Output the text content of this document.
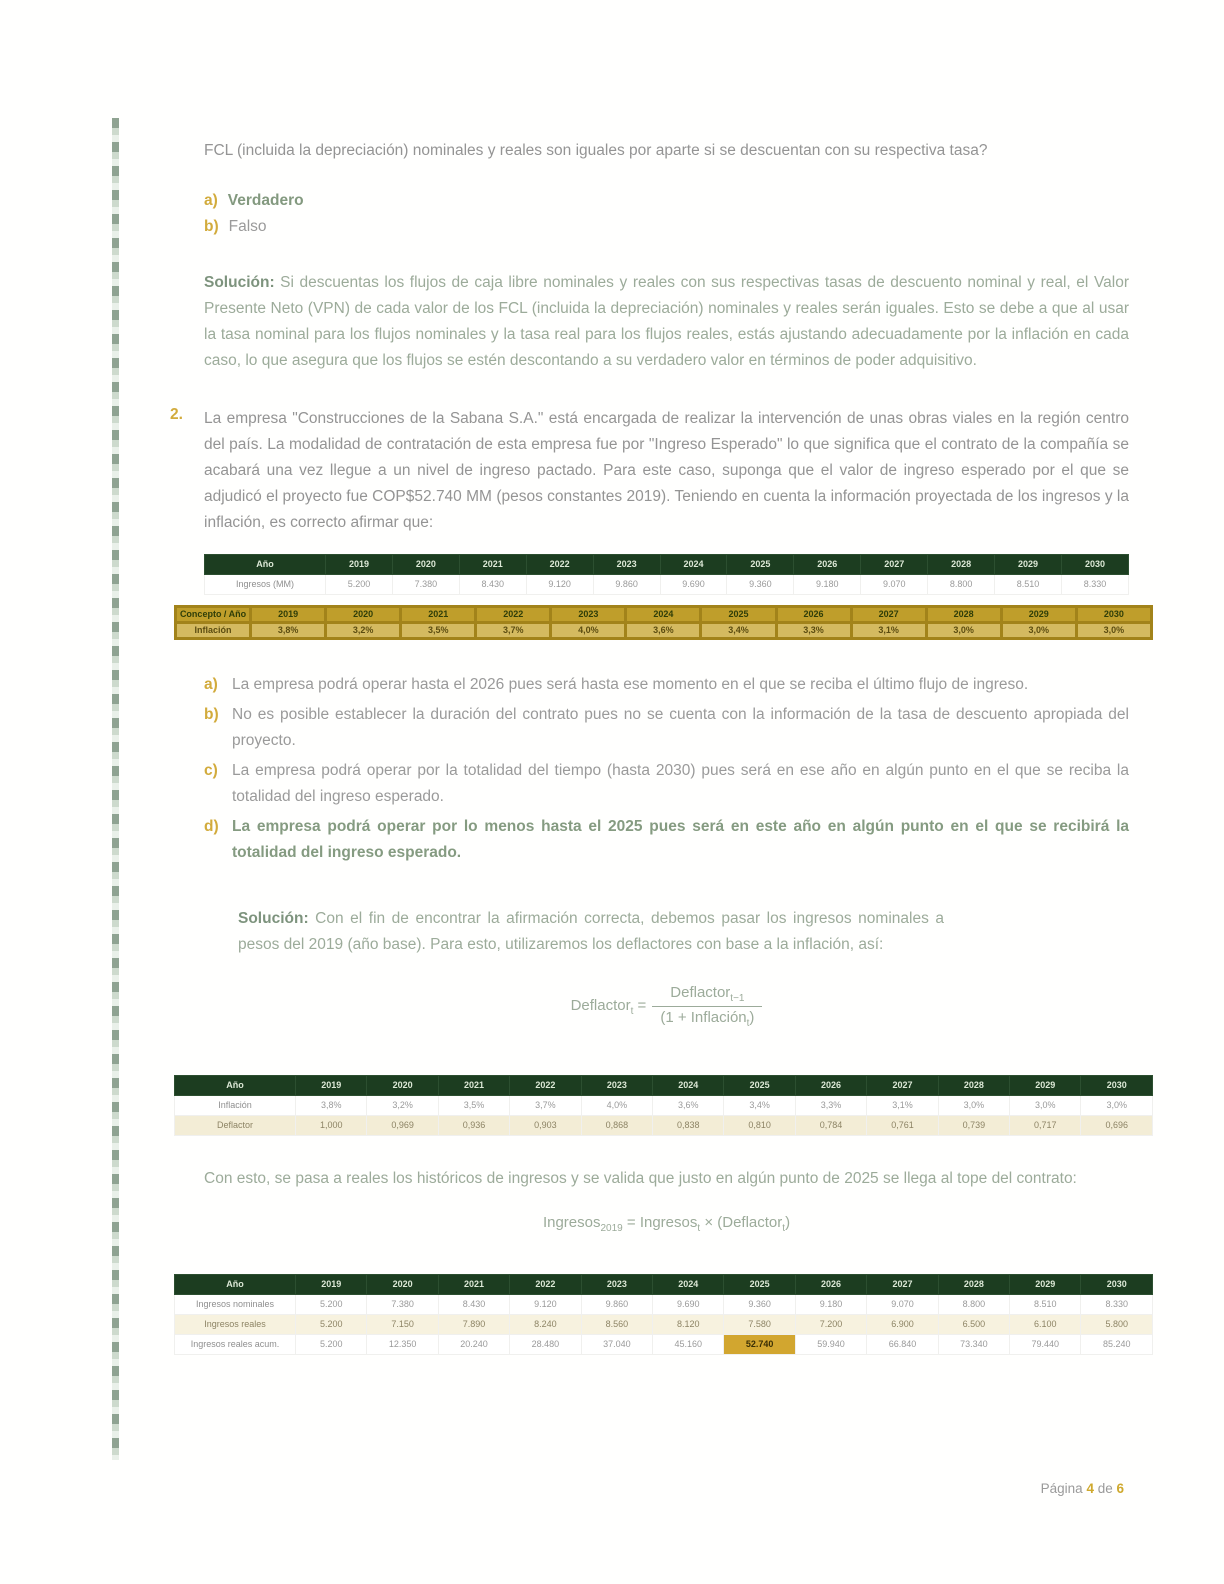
FCL (incluida la depreciación) nominales y reales son iguales por aparte si se descuentan con su respectiva tasa?

a) Verdadero
b) Falso

Solución: Si descuentas los flujos de caja libre nominales y reales con sus respectivas tasas de descuento nominal y real, el Valor Presente Neto (VPN) de cada valor de los FCL (incluida la depreciación) nominales y reales serán iguales. Esto se debe a que al usar la tasa nominal para los flujos nominales y la tasa real para los flujos reales, estás ajustando adecuadamente por la inflación en cada caso, lo que asegura que los flujos se estén descontando a su verdadero valor en términos de poder adquisitivo.

2. La empresa "Construcciones de la Sabana S.A." está encargada de realizar la intervención de unas obras viales en la región centro del país. La modalidad de contratación de esta empresa fue por "Ingreso Esperado" lo que significa que el contrato de la compañía se acabará una vez llegue a un nivel de ingreso pactado. Para este caso, suponga que el valor de ingreso esperado por el que se adjudicó el proyecto fue COP$52.740 MM (pesos constantes 2019). Teniendo en cuenta la información proyectada de los ingresos y la inflación, es correcto afirmar que:

Año	2019	2020	2021	2022	2023	2024	2025	2026	2027	2028	2029	2030
Ingresos (MM)	5.200	7.380	8.430	9.120	9.860	9.690	9.360	9.180	9.070	8.800	8.510	8.330
Concepto / Año	2019	2020	2021	2022	2023	2024	2025	2026	2027	2028	2029	2030
Inflación	3,8%	3,2%	3,5%	3,7%	4,0%	3,6%	3,4%	3,3%	3,1%	3,0%	3,0%	3,0%
a) La empresa podrá operar hasta el 2026 pues será hasta ese momento en el que se reciba el último flujo de ingreso.

b) No es posible establecer la duración del contrato pues no se cuenta con la información de la tasa de descuento apropiada del proyecto.

c) La empresa podrá operar por la totalidad del tiempo (hasta 2030) pues será en ese año en algún punto en el que se reciba la totalidad del ingreso esperado.

d) La empresa podrá operar por lo menos hasta el 2025 pues será en este año en algún punto en el que se recibirá la totalidad del ingreso esperado.

Solución: Con el fin de encontrar la afirmación correcta, debemos pasar los ingresos nominales a pesos del 2019 (año base). Para esto, utilizaremos los deflactores con base a la inflación, así:

Deflactor$_t$ = $\frac{Deflactor_{t-1}}{(1 + Inflación_t)}$
Año	2019	2020	2021	2022	2023	2024	2025	2026	2027	2028	2029	2030
Inflación	3,8%	3,2%	3,5%	3,7%	4,0%	3,6%	3,4%	3,3%	3,1%	3,0%	3,0%	3,0%
Deflactor	1,000	0,969	0,936	0,903	0,868	0,838	0,810	0,784	0,761	0,739	0,717	0,696

Con esto, se pasa a reales los históricos de ingresos y se valida que justo en algún punto de 2025 se llega al tope del contrato:

Ingresos$_{2019}$ = Ingresos$_t$ × (Deflactor$_t$)
Año	2019	2020	2021	2022	2023	2024	2025	2026	2027	2028	2029	2030
Ingresos nominales	5.200	7.380	8.430	9.120	9.860	9.690	9.360	9.180	9.070	8.800	8.510	8.330
Ingresos reales	5.200	7.150	7.890	8.240	8.560	8.120	7.580	7.200	6.900	6.500	6.100	5.800
Ingresos reales acum.	5.200	12.350	20.240	28.480	37.040	45.160	52.740	59.940	66.840	73.340	79.440	85.240
Página 4 de 6
